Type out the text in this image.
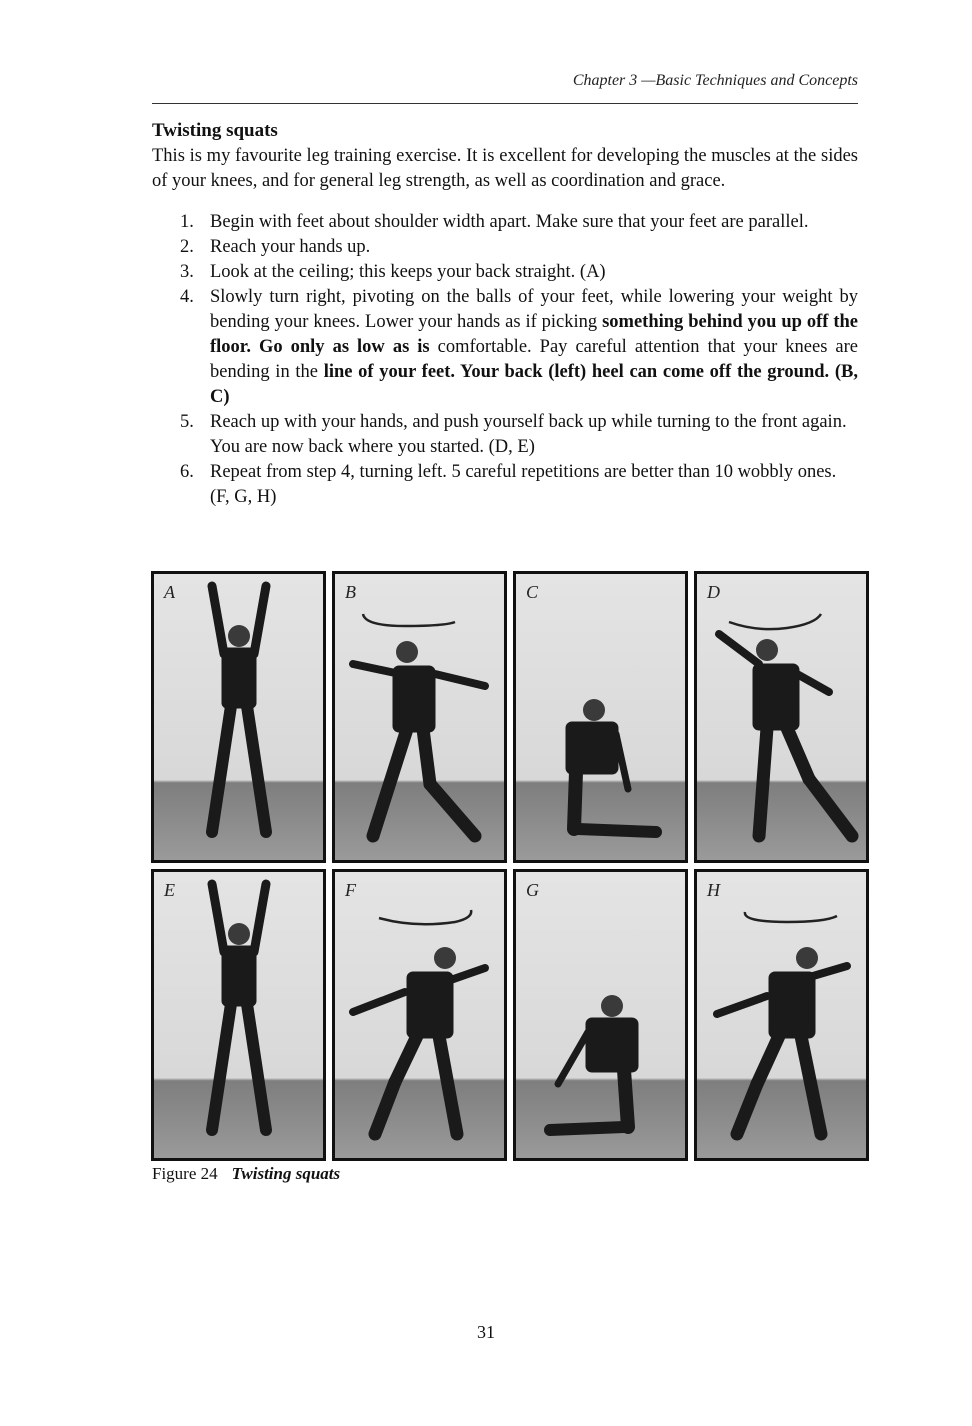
Chapter 3 —Basic Techniques and Concepts
Twisting squats

This is my favourite leg training exercise. It is excellent for developing the muscles at the sides of your knees, and for general leg strength, as well as coordination and grace.

1. Begin with feet about shoulder width apart. Make sure that your feet are parallel.
2. Reach your hands up.
3. Look at the ceiling; this keeps your back straight. (A)
4. Slowly turn right, pivoting on the balls of your feet, while lowering your weight by bending your knees. Lower your hands as if picking something behind you up off the floor. Go only as low as is comfortable. Pay careful attention that your knees are bending in the line of your feet. Your back (left) heel can come off the ground. (B, C)
5. Reach up with your hands, and push yourself back up while turning to the front again. You are now back where you started. (D, E)
6. Repeat from step 4, turning left. 5 careful repetitions are better than 10 wobbly ones. (F, G, H)
A	B	C	D
E	F	G	H
Figure 24 Twisting squats
31
